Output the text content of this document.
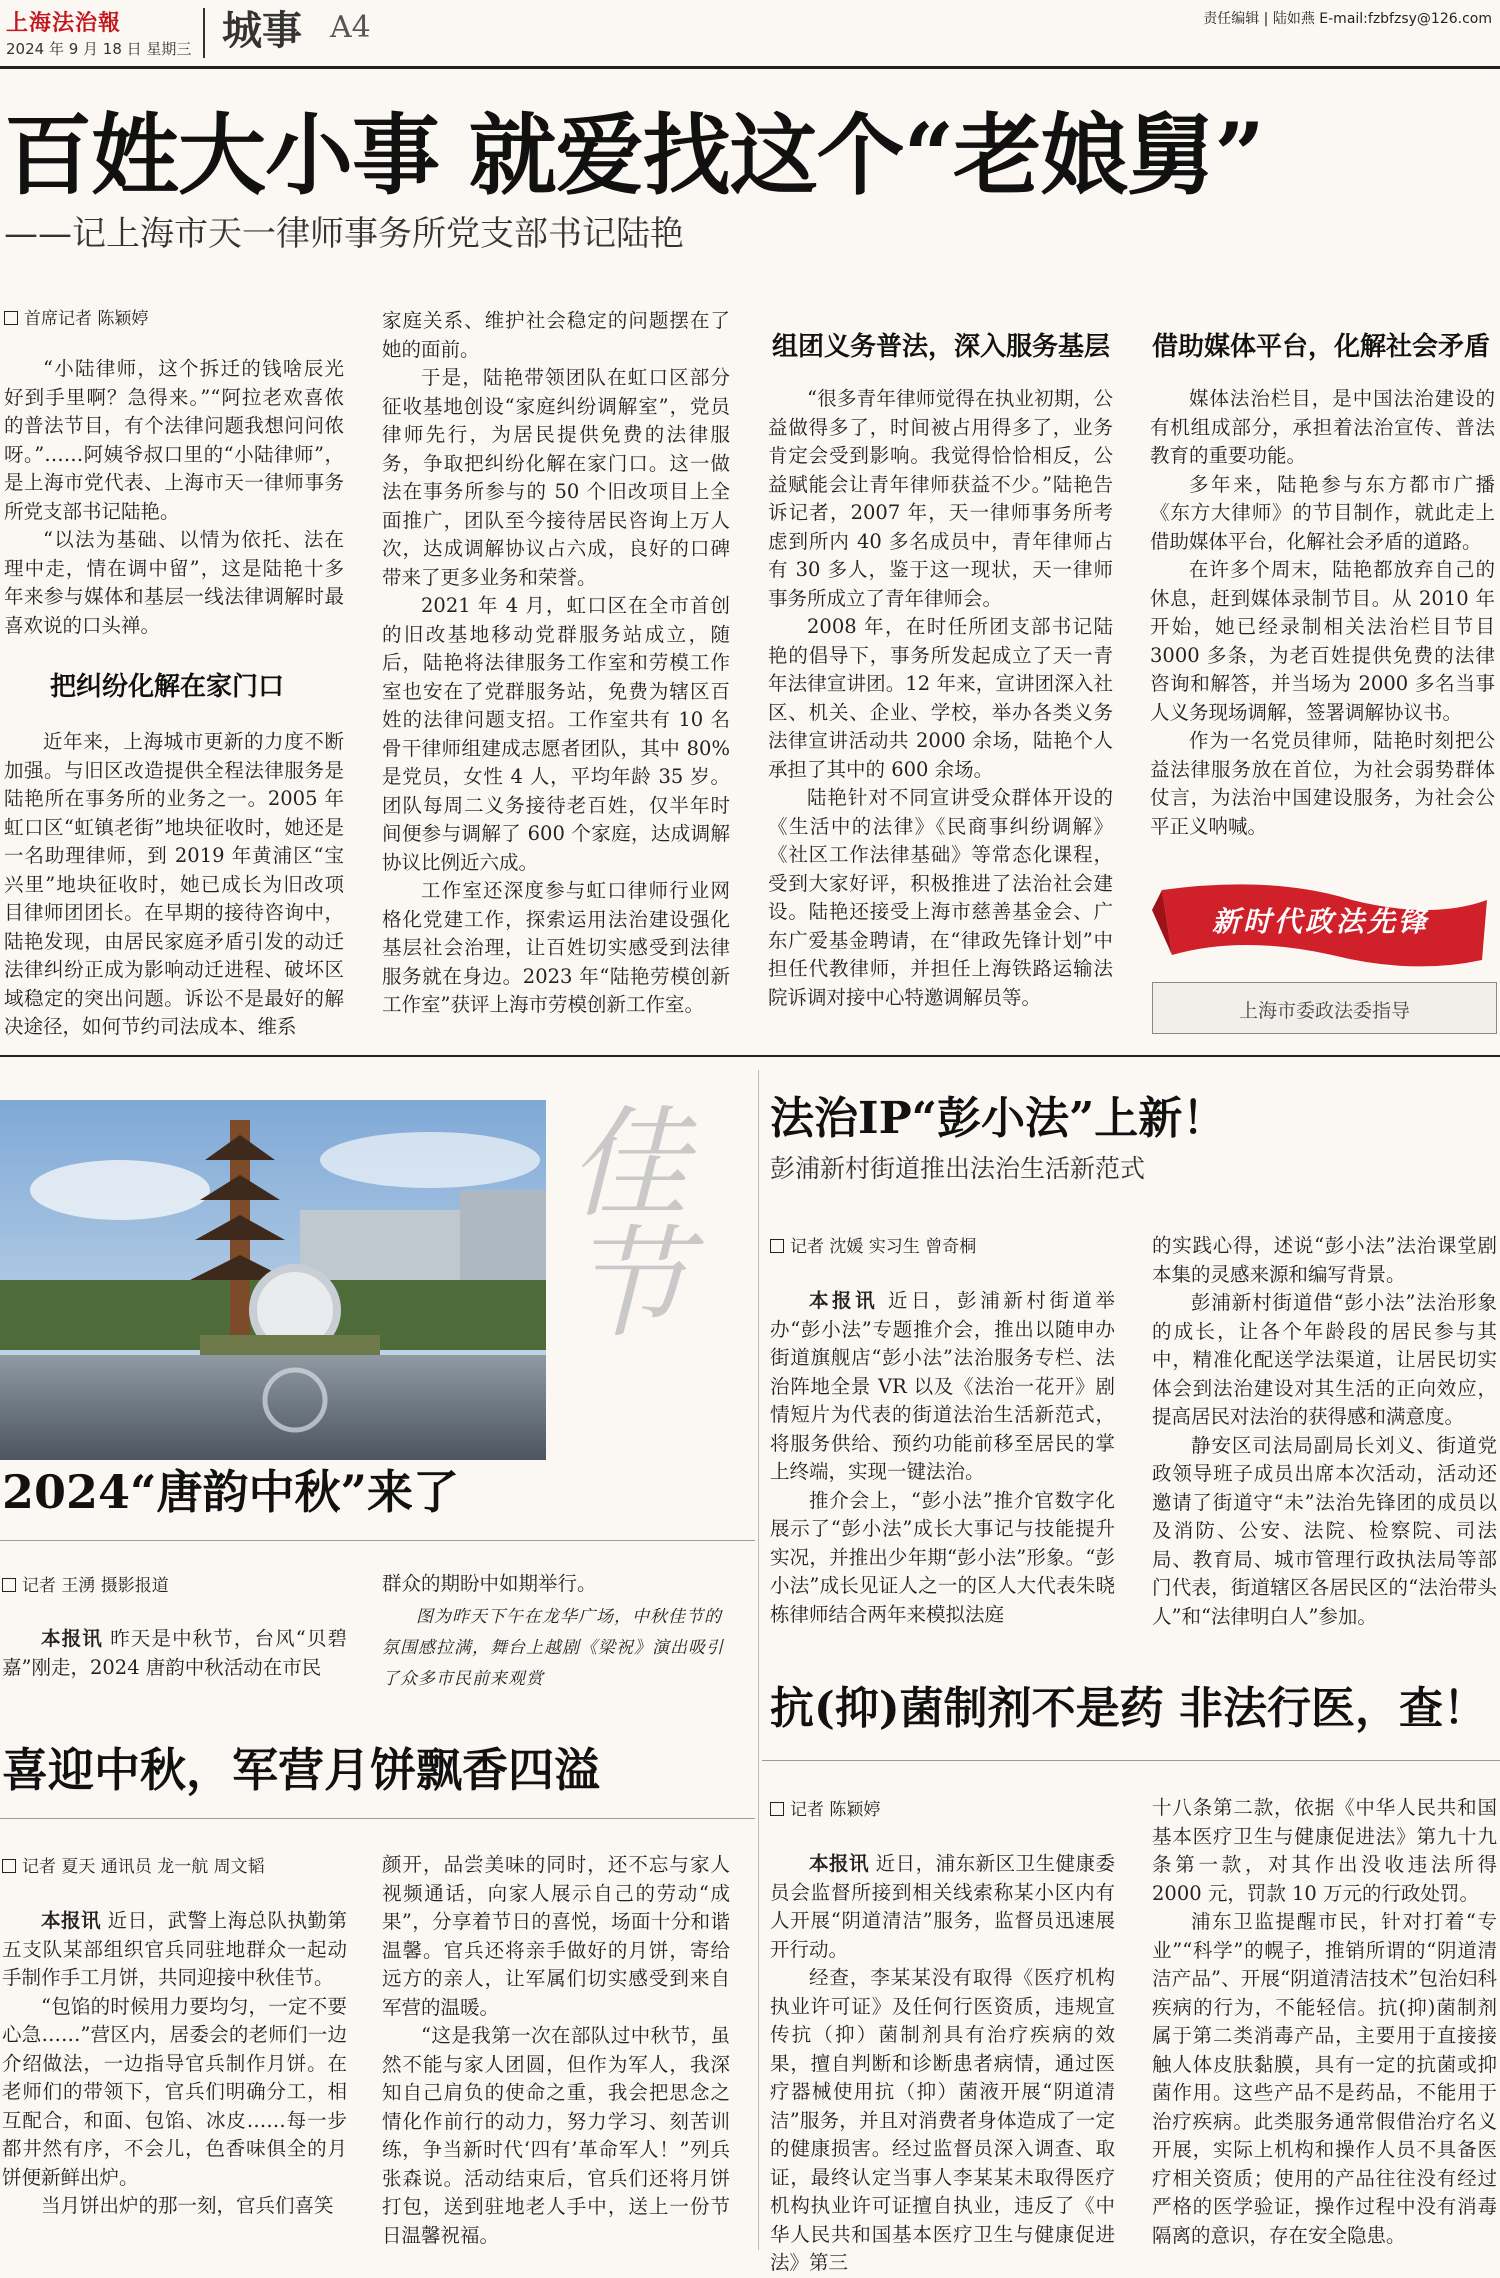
上海法治報
2024 年 9 月 18 日 星期三 城事 A4	责任编辑 | 陆如燕 E-mail:fzbfzsy@126.com
百姓大小事 就爱找这个“老娘舅”
——记上海市天一律师事务所党支部书记陆艳
首席记者 陈颖婷

“小陆律师，这个拆迁的钱啥辰光好到手里啊？急得来。”“阿拉老欢喜侬的普法节目，有个法律问题我想问问侬呀。”……阿姨爷叔口里的“小陆律师”，是上海市党代表、上海市天一律师事务所党支部书记陆艳。

“以法为基础、以情为依托、法在理中走，情在调中留”，这是陆艳十多年来参与媒体和基层一线法律调解时最喜欢说的口头禅。

把纠纷化解在家门口

近年来，上海城市更新的力度不断加强。与旧区改造提供全程法律服务是陆艳所在事务所的业务之一。2005 年虹口区“虹镇老街”地块征收时，她还是一名助理律师，到 2019 年黄浦区“宝兴里”地块征收时，她已成长为旧改项目律师团团长。在早期的接待咨询中，陆艳发现，由居民家庭矛盾引发的动迁法律纠纷正成为影响动迁进程、破坏区域稳定的突出问题。诉讼不是最好的解决途径，如何节约司法成本、维系

家庭关系、维护社会稳定的问题摆在了她的面前。

于是，陆艳带领团队在虹口区部分征收基地创设“家庭纠纷调解室”，党员律师先行，为居民提供免费的法律服务，争取把纠纷化解在家门口。这一做法在事务所参与的 50 个旧改项目上全面推广，团队至今接待居民咨询上万人次，达成调解协议占六成，良好的口碑带来了更多业务和荣誉。

2021 年 4 月，虹口区在全市首创的旧改基地移动党群服务站成立，随后，陆艳将法律服务工作室和劳模工作室也安在了党群服务站，免费为辖区百姓的法律问题支招。工作室共有 10 名骨干律师组建成志愿者团队，其中 80% 是党员，女性 4 人，平均年龄 35 岁。团队每周二义务接待老百姓，仅半年时间便参与调解了 600 个家庭，达成调解协议比例近六成。

工作室还深度参与虹口律师行业网格化党建工作，探索运用法治建设强化基层社会治理，让百姓切实感受到法律服务就在身边。2023 年“陆艳劳模创新工作室”获评上海市劳模创新工作室。

组团义务普法，深入服务基层

“很多青年律师觉得在执业初期，公益做得多了，时间被占用得多了，业务肯定会受到影响。我觉得恰恰相反，公益赋能会让青年律师获益不少。”陆艳告诉记者，2007 年，天一律师事务所考虑到所内 40 多名成员中，青年律师占有 30 多人，鉴于这一现状，天一律师事务所成立了青年律师会。

2008 年，在时任所团支部书记陆艳的倡导下，事务所发起成立了天一青年法律宣讲团。12 年来，宣讲团深入社区、机关、企业、学校，举办各类义务法律宣讲活动共 2000 余场，陆艳个人承担了其中的 600 余场。

陆艳针对不同宣讲受众群体开设的《生活中的法律》《民商事纠纷调解》《社区工作法律基础》等常态化课程，受到大家好评，积极推进了法治社会建设。陆艳还接受上海市慈善基金会、广东广爱基金聘请，在“律政先锋计划”中担任代教律师，并担任上海铁路运输法院诉调对接中心特邀调解员等。

借助媒体平台，化解社会矛盾

媒体法治栏目，是中国法治建设的有机组成部分，承担着法治宣传、普法教育的重要功能。

多年来，陆艳参与东方都市广播《东方大律师》的节目制作，就此走上借助媒体平台，化解社会矛盾的道路。

在许多个周末，陆艳都放弃自己的休息，赶到媒体录制节目。从 2010 年开始，她已经录制相关法治栏目节目 3000 多条，为老百姓提供免费的法律咨询和解答，并当场为 2000 多名当事人义务现场调解，签署调解协议书。

作为一名党员律师，陆艳时刻把公益法律服务放在首位，为社会弱势群体仗言，为法治中国建设服务，为社会公平正义呐喊。

新时代政法先锋
上海市委政法委指导
佳节
2024“唐韵中秋”来了
记者 王湧 摄影报道

本报讯 昨天是中秋节，台风“贝碧嘉”刚走，2024 唐韵中秋活动在市民

群众的期盼中如期举行。

图为昨天下午在龙华广场，中秋佳节的氛围感拉满，舞台上越剧《梁祝》演出吸引了众多市民前来观赏
喜迎中秋，军营月饼飘香四溢
记者 夏天 通讯员 龙一航 周文韬

本报讯 近日，武警上海总队执勤第五支队某部组织官兵同驻地群众一起动手制作手工月饼，共同迎接中秋佳节。

“包馅的时候用力要均匀，一定不要心急……”营区内，居委会的老师们一边介绍做法，一边指导官兵制作月饼。在老师们的带领下，官兵们明确分工，相互配合，和面、包馅、冰皮……每一步都井然有序，不会儿，色香味俱全的月饼便新鲜出炉。

当月饼出炉的那一刻，官兵们喜笑

颜开，品尝美味的同时，还不忘与家人视频通话，向家人展示自己的劳动“成果”，分享着节日的喜悦，场面十分和谐温馨。官兵还将亲手做好的月饼，寄给远方的亲人，让军属们切实感受到来自军营的温暖。

“这是我第一次在部队过中秋节，虽然不能与家人团圆，但作为军人，我深知自己肩负的使命之重，我会把思念之情化作前行的动力，努力学习、刻苦训练，争当新时代‘四有’革命军人！”列兵张森说。活动结束后，官兵们还将月饼打包，送到驻地老人手中，送上一份节日温馨祝福。

法治IP“彭小法”上新！
彭浦新村街道推出法治生活新范式
记者 沈媛 实习生 曾奇桐

本报讯 近日，彭浦新村街道举办“彭小法”专题推介会，推出以随申办街道旗舰店“彭小法”法治服务专栏、法治阵地全景 VR 以及《法治一花开》剧情短片为代表的街道法治生活新范式，将服务供给、预约功能前移至居民的掌上终端，实现一键法治。

推介会上，“彭小法”推介官数字化展示了“彭小法”成长大事记与技能提升实况，并推出少年期“彭小法”形象。“彭小法”成长见证人之一的区人大代表朱晓栋律师结合两年来模拟法庭

的实践心得，述说“彭小法”法治课堂剧本集的灵感来源和编写背景。

彭浦新村街道借“彭小法”法治形象的成长，让各个年龄段的居民参与其中，精准化配送学法渠道，让居民切实体会到法治建设对其生活的正向效应，提高居民对法治的获得感和满意度。

静安区司法局副局长刘义、街道党政领导班子成员出席本次活动，活动还邀请了街道守“未”法治先锋团的成员以及消防、公安、法院、检察院、司法局、教育局、城市管理行政执法局等部门代表，街道辖区各居民区的“法治带头人”和“法律明白人”参加。

抗(抑)菌制剂不是药 非法行医，查！
记者 陈颖婷

本报讯 近日，浦东新区卫生健康委员会监督所接到相关线索称某小区内有人开展“阴道清洁”服务，监督员迅速展开行动。

经查，李某某没有取得《医疗机构执业许可证》及任何行医资质，违规宣传抗（抑）菌制剂具有治疗疾病的效果，擅自判断和诊断患者病情，通过医疗器械使用抗（抑）菌液开展“阴道清洁”服务，并且对消费者身体造成了一定的健康损害。经过监督员深入调查、取证，最终认定当事人李某某未取得医疗机构执业许可证擅自执业，违反了《中华人民共和国基本医疗卫生与健康促进法》第三

十八条第二款，依据《中华人民共和国基本医疗卫生与健康促进法》第九十九条第一款，对其作出没收违法所得 2000 元，罚款 10 万元的行政处罚。

浦东卫监提醒市民，针对打着“专业”“科学”的幌子，推销所谓的“阴道清洁产品”、开展“阴道清洁技术”包治妇科疾病的行为，不能轻信。抗(抑)菌制剂属于第二类消毒产品，主要用于直接接触人体皮肤黏膜，具有一定的抗菌或抑菌作用。这些产品不是药品，不能用于治疗疾病。此类服务通常假借治疗名义开展，实际上机构和操作人员不具备医疗相关资质；使用的产品往往没有经过严格的医学验证，操作过程中没有消毒隔离的意识，存在安全隐患。
